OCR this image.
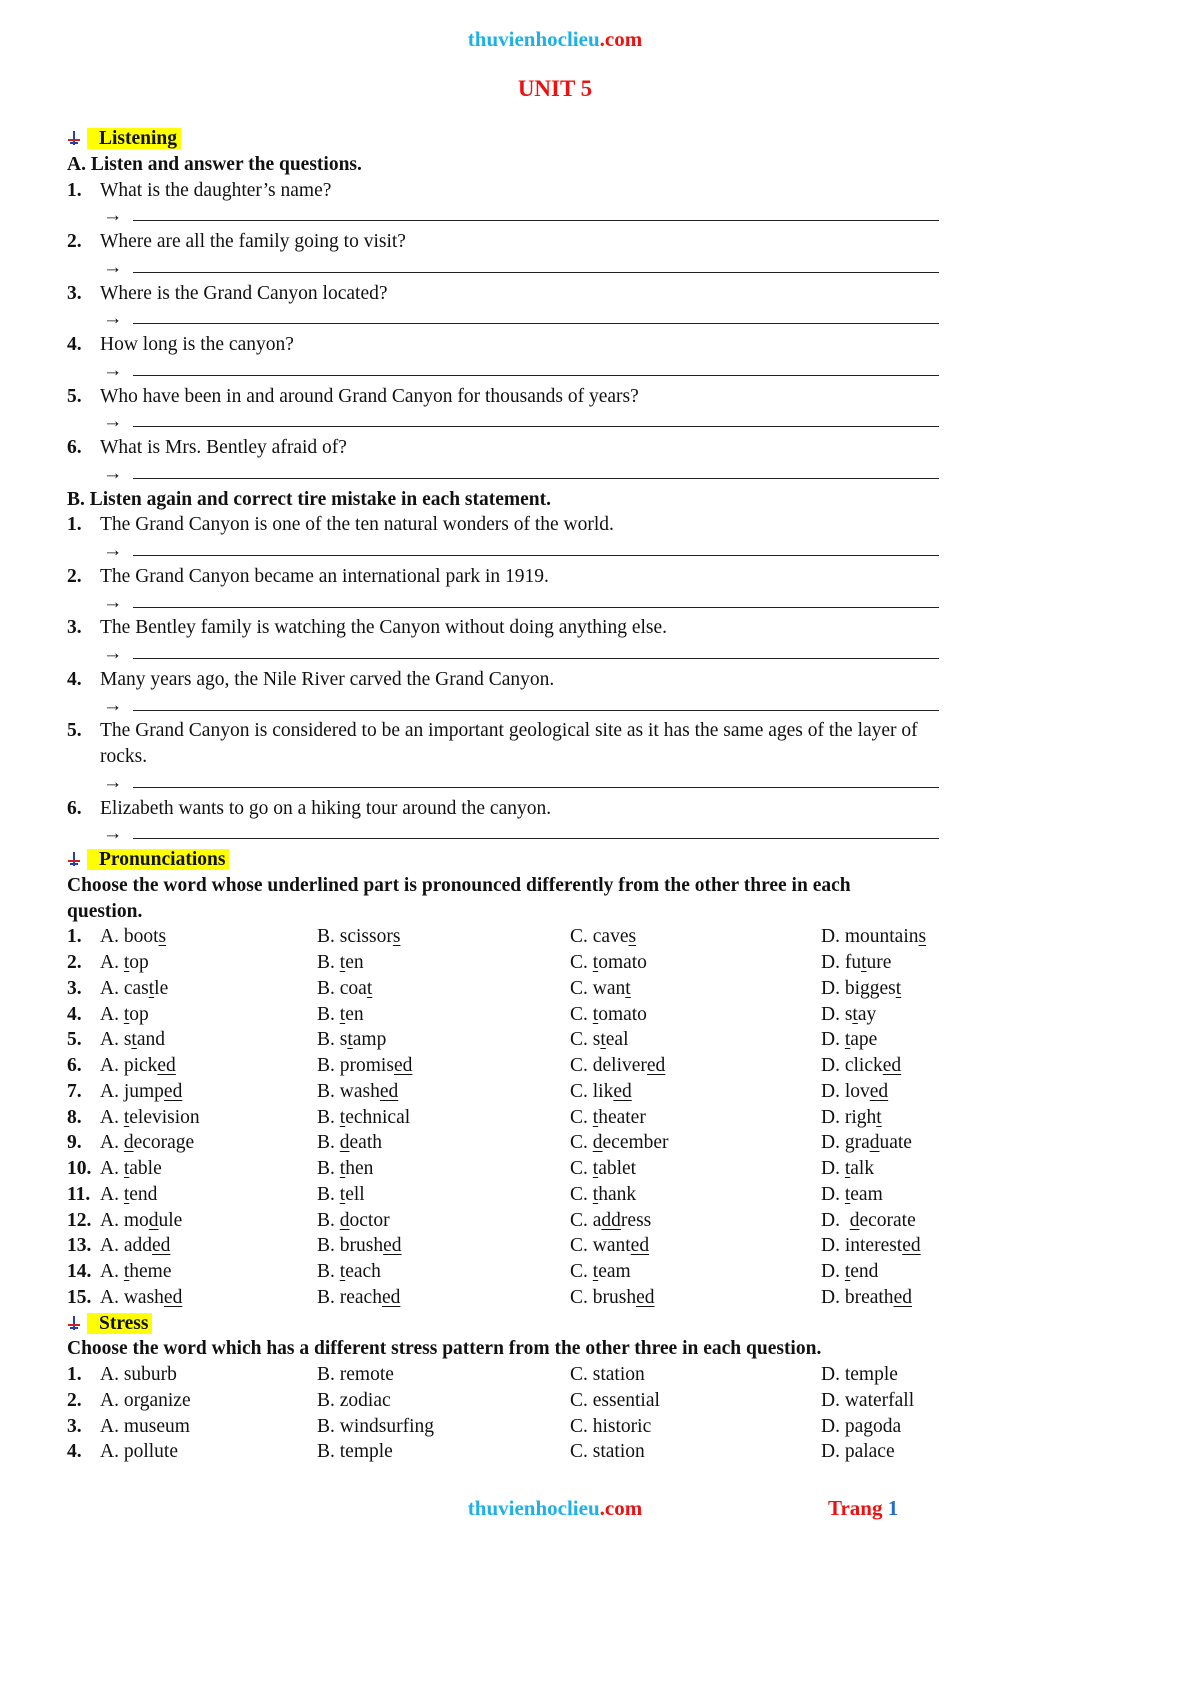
thuvienhoclieu.com
UNIT 5
Listening
A. Listen and answer the questions.
1. What is the daughter’s name?
→
2. Where are all the family going to visit?
→
3. Where is the Grand Canyon located?
→
4. How long is the canyon?
→
5. Who have been in and around Grand Canyon for thousands of years?
→
6. What is Mrs. Bentley afraid of?
→
B. Listen again and correct tire mistake in each statement.
1. The Grand Canyon is one of the ten natural wonders of the world.
→
2. The Grand Canyon became an international park in 1919.
→
3. The Bentley family is watching the Canyon without doing anything else.
→
4. Many years ago, the Nile River carved the Grand Canyon.
→
5. The Grand Canyon is considered to be an important geological site as it has the same ages of the layer of
rocks.
→
6. Elizabeth wants to go on a hiking tour around the canyon.
→
Pronunciations
Choose the word whose underlined part is pronounced differently from the other three in each
question.
1. A. boots	B. scissors	C. caves	D. mountains
2. A. top	B. ten	C. tomato	D. future
3. A. castle	B. coat	C. want	D. biggest
4. A. top	B. ten	C. tomato	D. stay
5. A. stand	B. stamp	C. steal	D. tape
6. A. picked	B. promised	C. delivered	D. clicked
7. A. jumped	B. washed	C. liked	D. loved
8. A. television	B. technical	C. theater	D. right
9. A. decorage	B. death	C. december	D. graduate
10. A. table	B. then	C. tablet	D. talk
11. A. tend	B. tell	C. thank	D. team
12. A. module	B. doctor	C. address	D.  decorate
13. A. added	B. brushed	C. wanted	D. interested
14. A. theme	B. teach	C. team	D. tend
15. A. washed	B. reached	C. brushed	D. breathed
Stress
Choose the word which has a different stress pattern from the other three in each question.
1. A. suburb	B. remote	C. station	D. temple
2. A. organize	B. zodiac	C. essential	D. waterfall
3. A. museum	B. windsurfing	C. historic	D. pagoda
4. A. pollute	B. temple	C. station	D. palace
thuvienhoclieu.com	Trang 1
